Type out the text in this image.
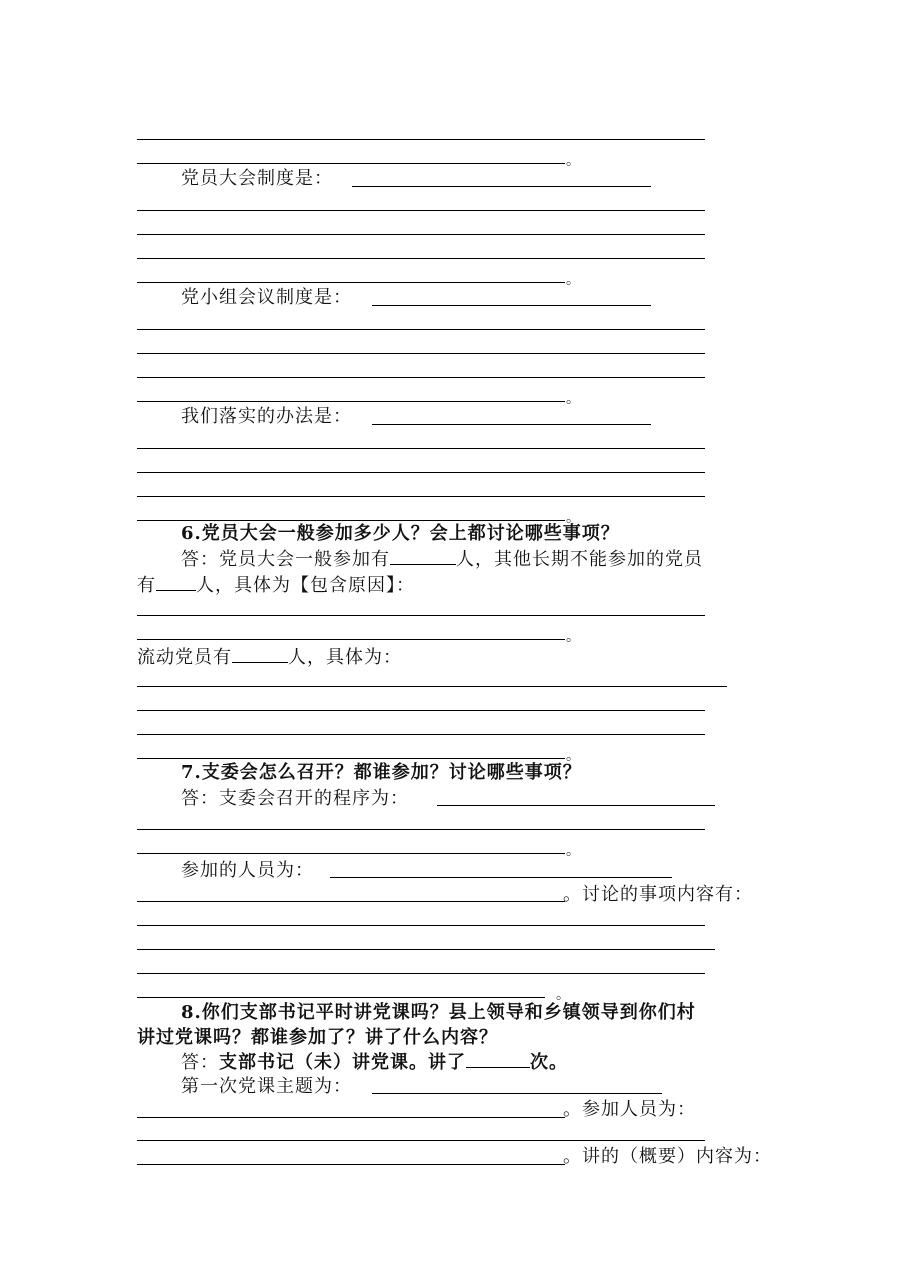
。
党员大会制度是：
。
党小组会议制度是：
。
我们落实的办法是：
。
6.党员大会一般参加多少人？会上都讨论哪些事项？
答：党员大会一般参加有	人，其他长期不能参加的党员
有 人，具体为【包含原因】：
。
流动党员有	人，具体为：
。
7.支委会怎么召开？都谁参加？讨论哪些事项？
答：支委会召开的程序为：
。
参加的人员为：
。讨论的事项内容有：
。
8.你们支部书记平时讲党课吗？县上领导和乡镇领导到你们村
讲过党课吗？都谁参加了？讲了什么内容？
答：支部书记（未）讲党课。讲了	次。
第一次党课主题为：
。参加人员为：
。讲的（概要）内容为：
